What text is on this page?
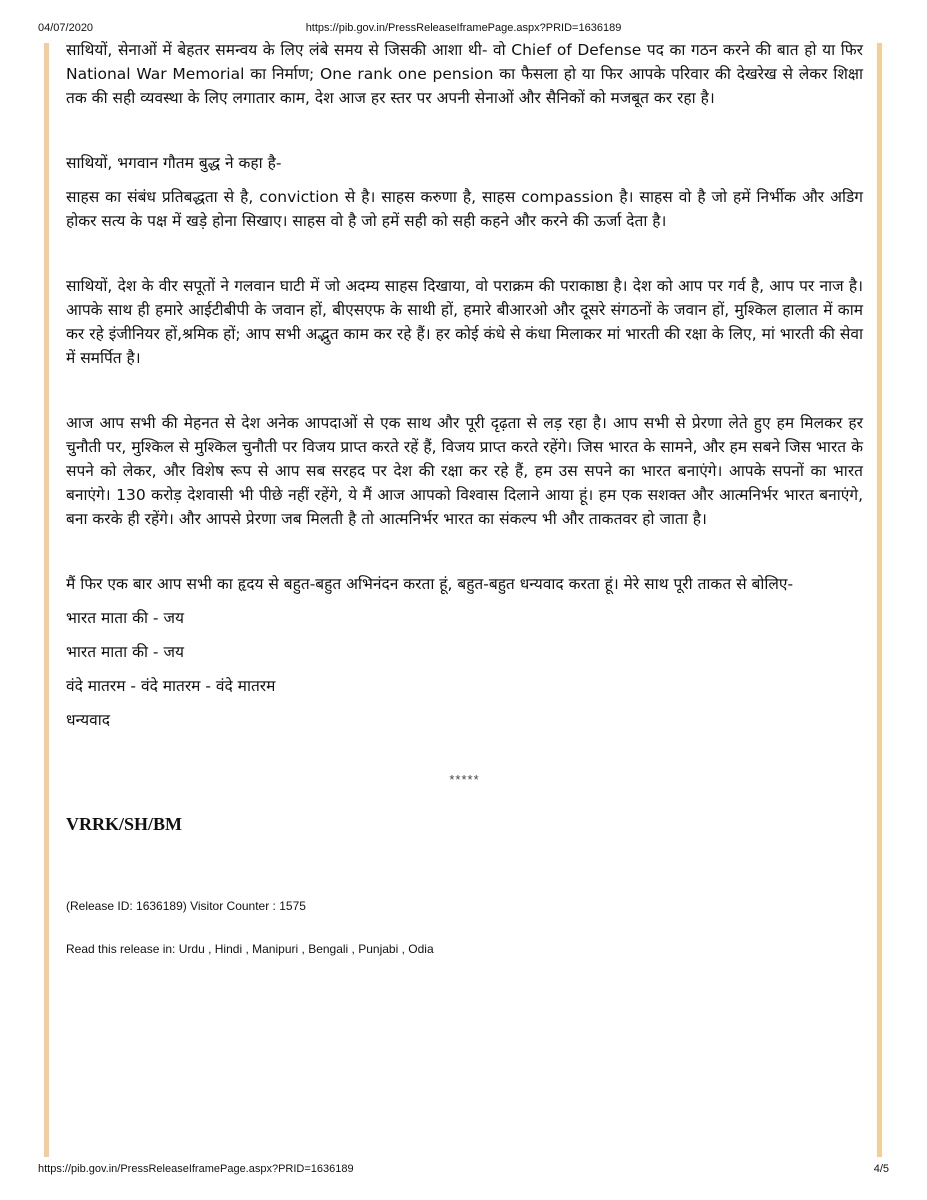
04/07/2020	https://pib.gov.in/PressReleaseIframePage.aspx?PRID=1636189

साथियों, सेनाओं में बेहतर समन्वय के लिए लंबे समय से जिसकी आशा थी- वो Chief of Defense पद का गठन करने की बात हो या फिर National War Memorial का निर्माण; One rank one pension का फैसला हो या फिर आपके परिवार की देखरेख से लेकर शिक्षा तक की सही व्यवस्था के लिए लगातार काम, देश आज हर स्तर पर अपनी सेनाओं और सैनिकों को मजबूत कर रहा है।

साथियों, भगवान गौतम बुद्ध ने कहा है-

साहस का संबंध प्रतिबद्धता से है, conviction से है। साहस करुणा है, साहस compassion है। साहस वो है जो हमें निर्भीक और अडिग होकर सत्य के पक्ष में खड़े होना सिखाए। साहस वो है जो हमें सही को सही कहने और करने की ऊर्जा देता है।

साथियों, देश के वीर सपूतों ने गलवान घाटी में जो अदम्य साहस दिखाया, वो पराक्रम की पराकाष्ठा है। देश को आप पर गर्व है, आप पर नाज है। आपके साथ ही हमारे आईटीबीपी के जवान हों, बीएसएफ के साथी हों, हमारे बीआरओ और दूसरे संगठनों के जवान हों, मुश्किल हालात में काम कर रहे इंजीनियर हों,श्रमिक हों; आप सभी अद्भुत काम कर रहे हैं। हर कोई कंधे से कंधा मिलाकर मां भारती की रक्षा के लिए, मां भारती की सेवा में समर्पित है।

आज आप सभी की मेहनत से देश अनेक आपदाओं से एक साथ और पूरी दृढ़ता से लड़ रहा है। आप सभी से प्रेरणा लेते हुए हम मिलकर हर चुनौती पर, मुश्किल से मुश्किल चुनौती पर विजय प्राप्त करते रहें हैं, विजय प्राप्त करते रहेंगे। जिस भारत के सामने, और हम सबने जिस भारत के सपने को लेकर, और विशेष रूप से आप सब सरहद पर देश की रक्षा कर रहे हैं, हम उस सपने का भारत बनाएंगे। आपके सपनों का भारत बनाएंगे। 130 करोड़ देशवासी भी पीछे नहीं रहेंगे, ये मैं आज आपको विश्वास दिलाने आया हूं। हम एक सशक्त और आत्मनिर्भर भारत बनाएंगे, बना करके ही रहेंगे। और आपसे प्रेरणा जब मिलती है तो आत्मनिर्भर भारत का संकल्प भी और ताकतवर हो जाता है।

मैं फिर एक बार आप सभी का हृदय से बहुत-बहुत अभिनंदन करता हूं, बहुत-बहुत धन्यवाद करता हूं। मेरे साथ पूरी ताकत से बोलिए-

भारत माता की - जय

भारत माता की - जय

वंदे मातरम - वंदे मातरम - वंदे मातरम

धन्यवाद

*****
VRRK/SH/BM
(Release ID: 1636189) Visitor Counter : 1575
Read this release in: Urdu , Hindi , Manipuri , Bengali , Punjabi , Odia
https://pib.gov.in/PressReleaseIframePage.aspx?PRID=1636189	4/5
